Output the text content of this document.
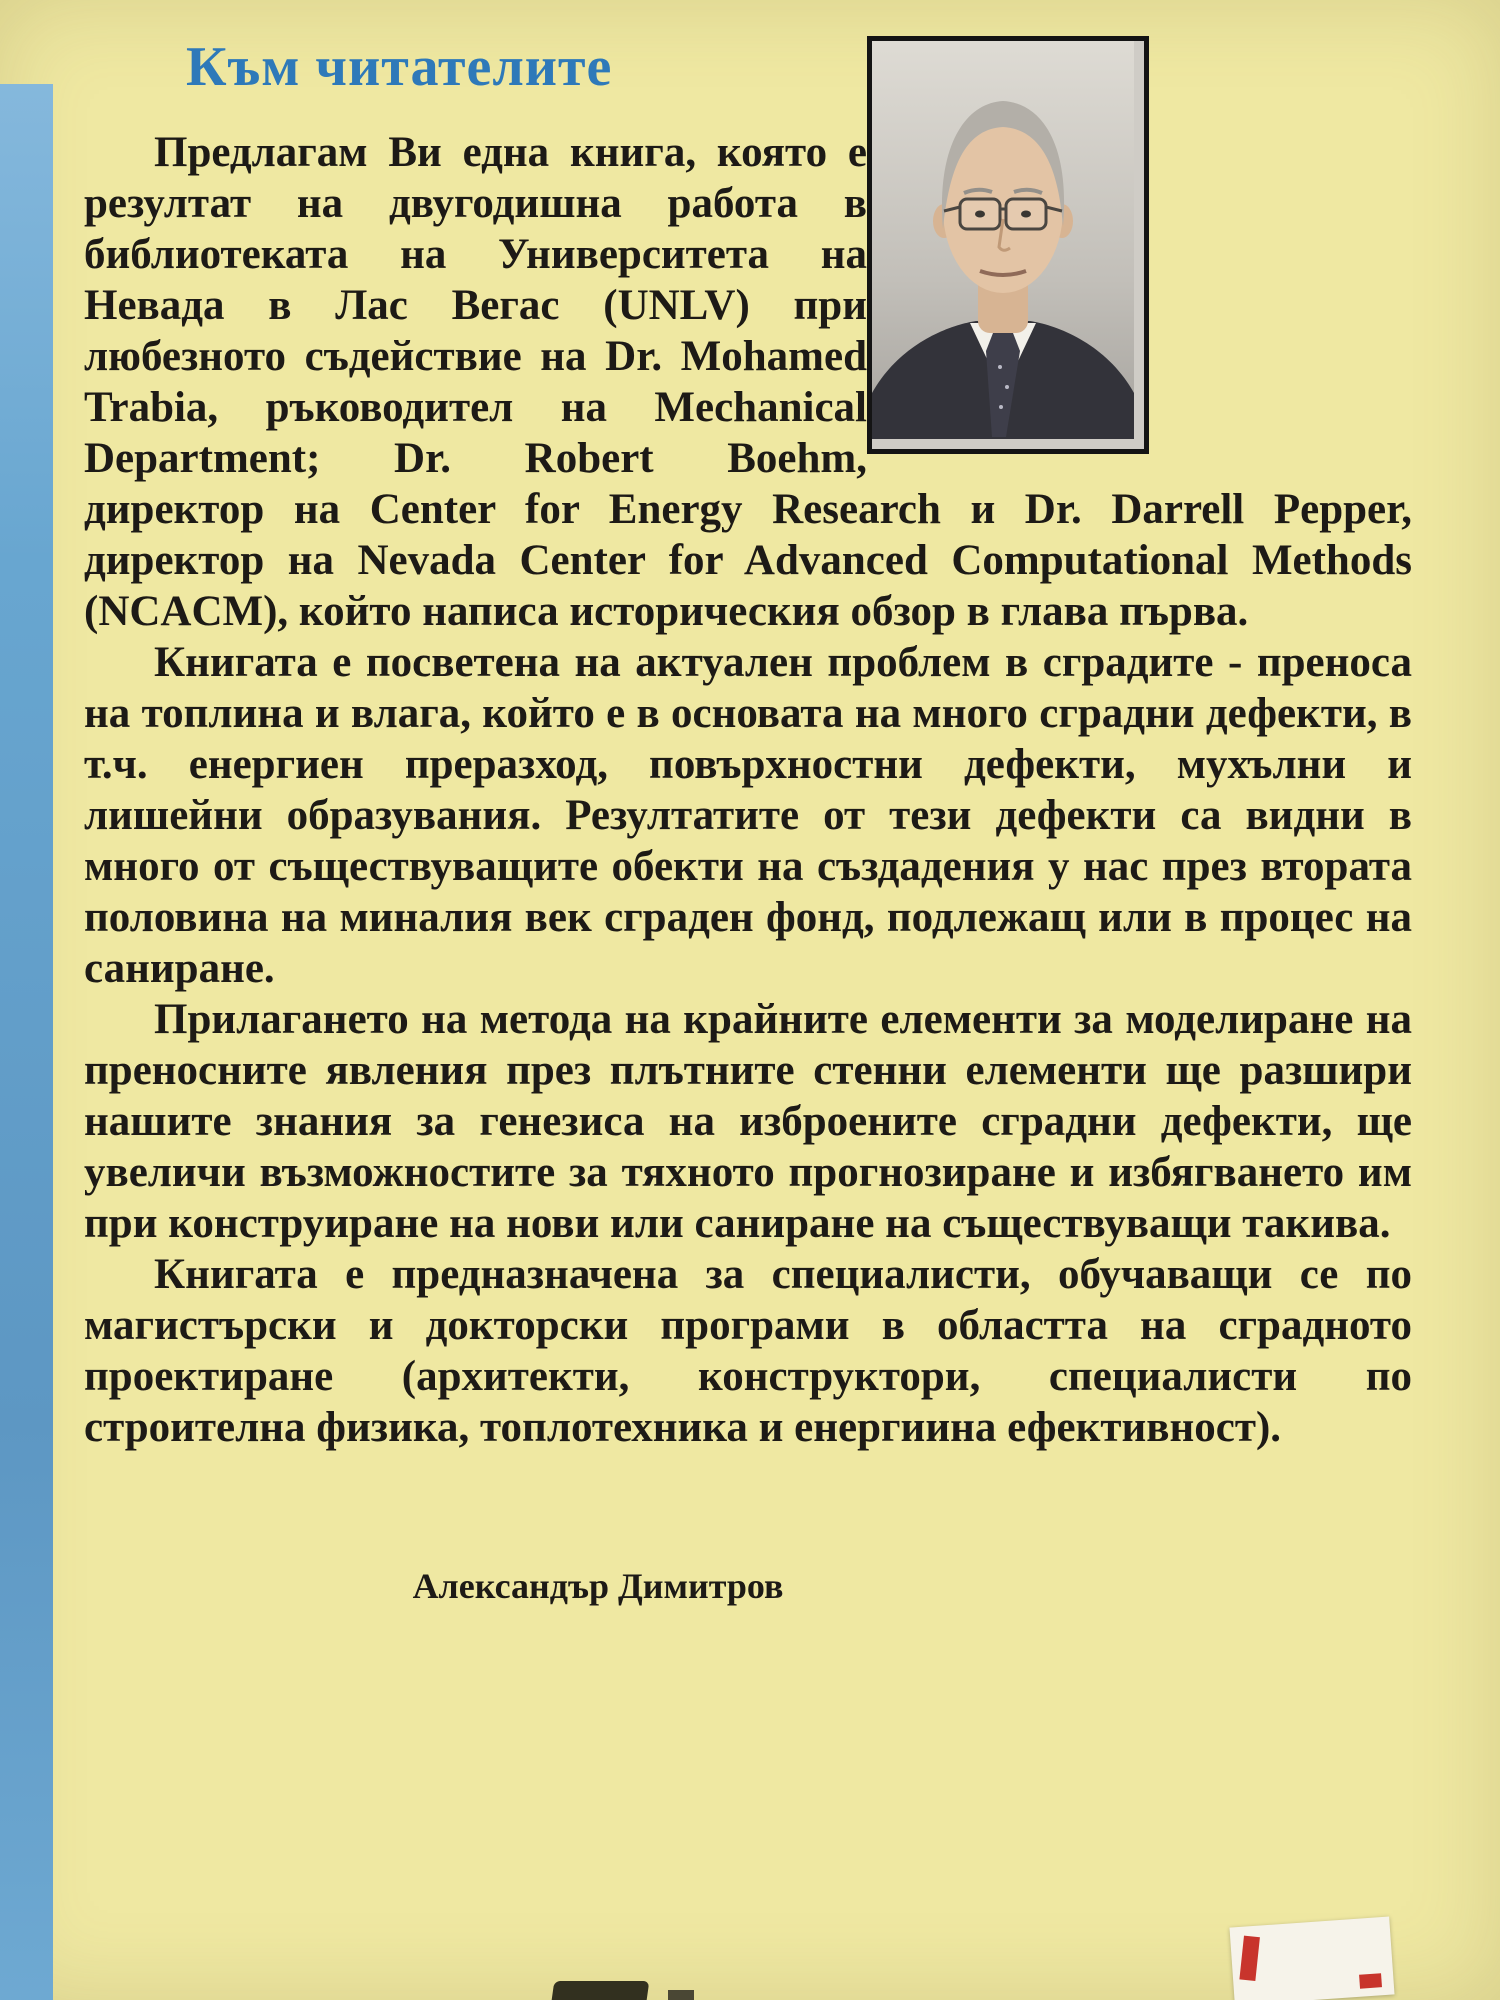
Към читателите

Предлагам Ви една книга, която е резултат на двугодишна работа в библиотеката на Университета на Невада в Лас Вегас (UNLV) при любезното съдействие на Dr. Mohamed Trabia, ръководител на Mechanical Department; Dr. Robert Boehm, директор на Center for Energy Research и Dr. Darrell Pepper, директор на Nevada Center for Advanced Computational Methods (NCACM), който написа историческия обзор в глава първа.

Книгата е посветена на актуален проблем в сградите - преноса на топлина и влага, който е в основата на много сградни дефекти, в т.ч. енергиен преразход, повърхностни дефекти, мухълни и лишейни образувания. Резултатите от тези дефекти са видни в много от съществуващите обекти на създадения у нас през втората половина на миналия век сграден фонд, подлежащ или в процес на саниране.

Прилагането на метода на крайните елементи за моделиране на преносните явления през плътните стенни елементи ще разшири нашите знания за генезиса на изброените сградни дефекти, ще увеличи възможностите за тяхното прогнозиране и избягването им при конструиране на нови или саниране на съществуващи такива.

Книгата е предназначена за специалисти, обучаващи се по магистърски и докторски програми в областта на сградното проектиране (архитекти, конструктори, специалисти по строителна физика, топлотехника и енергиина ефективност).

Александър Димитров
